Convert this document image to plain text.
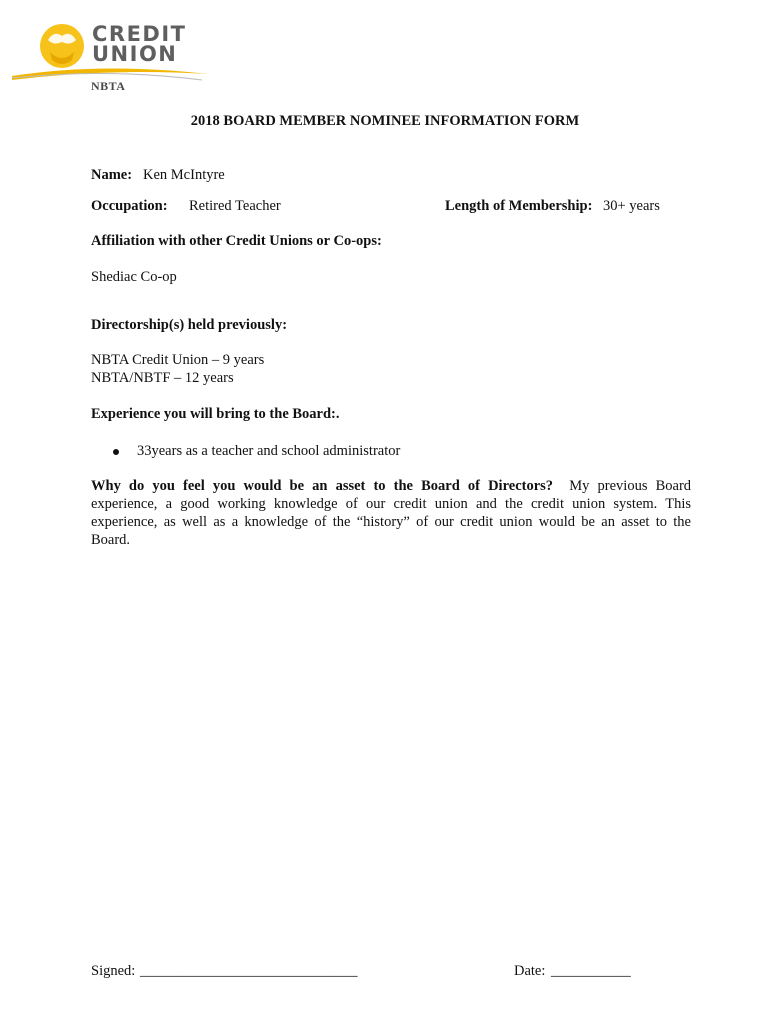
CREDIT
UNION
NBTA
2018 BOARD MEMBER NOMINEE INFORMATION FORM
Name: Ken McIntyre
Occupation: Retired Teacher	Length of Membership: 30+ years
Affiliation with other Credit Unions or Co-ops:
Shediac Co-op
Directorship(s) held previously:
NBTA Credit Union – 9 years
NBTA/NBTF – 12 years
Experience you will bring to the Board:.
33years as a teacher and school administrator
Why do you feel you would be an asset to the Board of Directors? My previous Board
experience, a good working knowledge of our credit union and the credit union system. This
experience, as well as a knowledge of the “history” of our credit union would be an asset to the
Board.
Signed: ______________________________	Date: ___________
